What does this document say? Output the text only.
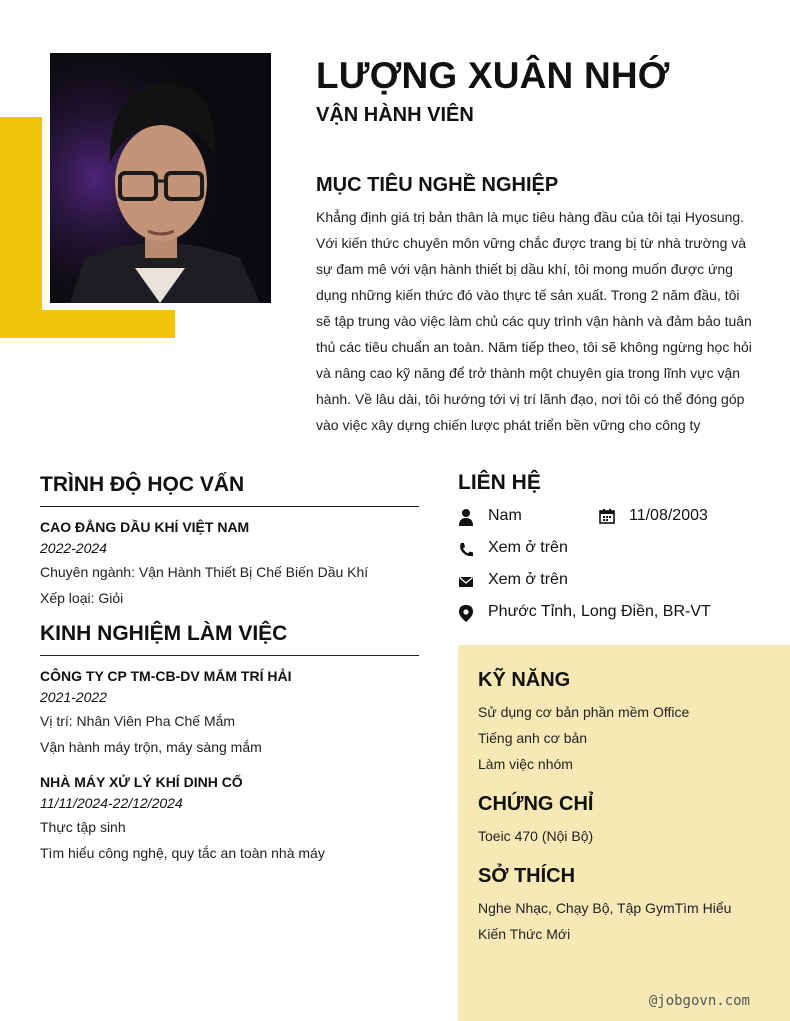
LƯỢNG XUÂN NHỚ
VẬN HÀNH VIÊN
MỤC TIÊU NGHỀ NGHIỆP

Khẳng định giá trị bản thân là mục tiêu hàng đầu của tôi tại Hyosung. Với kiến thức chuyên môn vững chắc được trang bị từ nhà trường và sự đam mê với vận hành thiết bị dầu khí, tôi mong muốn được ứng dụng những kiến thức đó vào thực tế sản xuất. Trong 2 năm đầu, tôi sẽ tập trung vào việc làm chủ các quy trình vận hành và đảm bảo tuân thủ các tiêu chuẩn an toàn. Năm tiếp theo, tôi sẽ không ngừng học hỏi và nâng cao kỹ năng để trở thành một chuyên gia trong lĩnh vực vận hành. Về lâu dài, tôi hướng tới vị trí lãnh đạo, nơi tôi có thể đóng góp vào việc xây dựng chiến lược phát triển bền vững cho công ty

TRÌNH ĐỘ HỌC VẤN

CAO ĐẲNG DẦU KHÍ VIỆT NAM

2022-2024

Chuyên ngành: Vận Hành Thiết Bị Chế Biến Dầu Khí

Xếp loại: Giỏi

KINH NGHIỆM LÀM VIỆC

CÔNG TY CP TM-CB-DV MẮM TRÍ HẢI

2021-2022

Vị trí: Nhân Viên Pha Chế Mắm

Vận hành máy trộn, máy sàng mắm

NHÀ MÁY XỬ LÝ KHÍ DINH CỐ

11/11/2024-22/12/2024

Thực tập sinh

Tìm hiểu công nghệ, quy tắc an toàn nhà máy

LIÊN HỆ
Nam	11/08/2003
Xem ở trên
Xem ở trên
Phước Tỉnh, Long Điền, BR-VT
KỸ NĂNG

Sử dụng cơ bản phần mềm Office

Tiếng anh cơ bản

Làm việc nhóm

CHỨNG CHỈ

Toeic 470 (Nội Bộ)

SỞ THÍCH

Nghe Nhạc, Chạy Bộ, Tập GymTìm Hiểu

Kiến Thức Mới

@jobgovn.com
